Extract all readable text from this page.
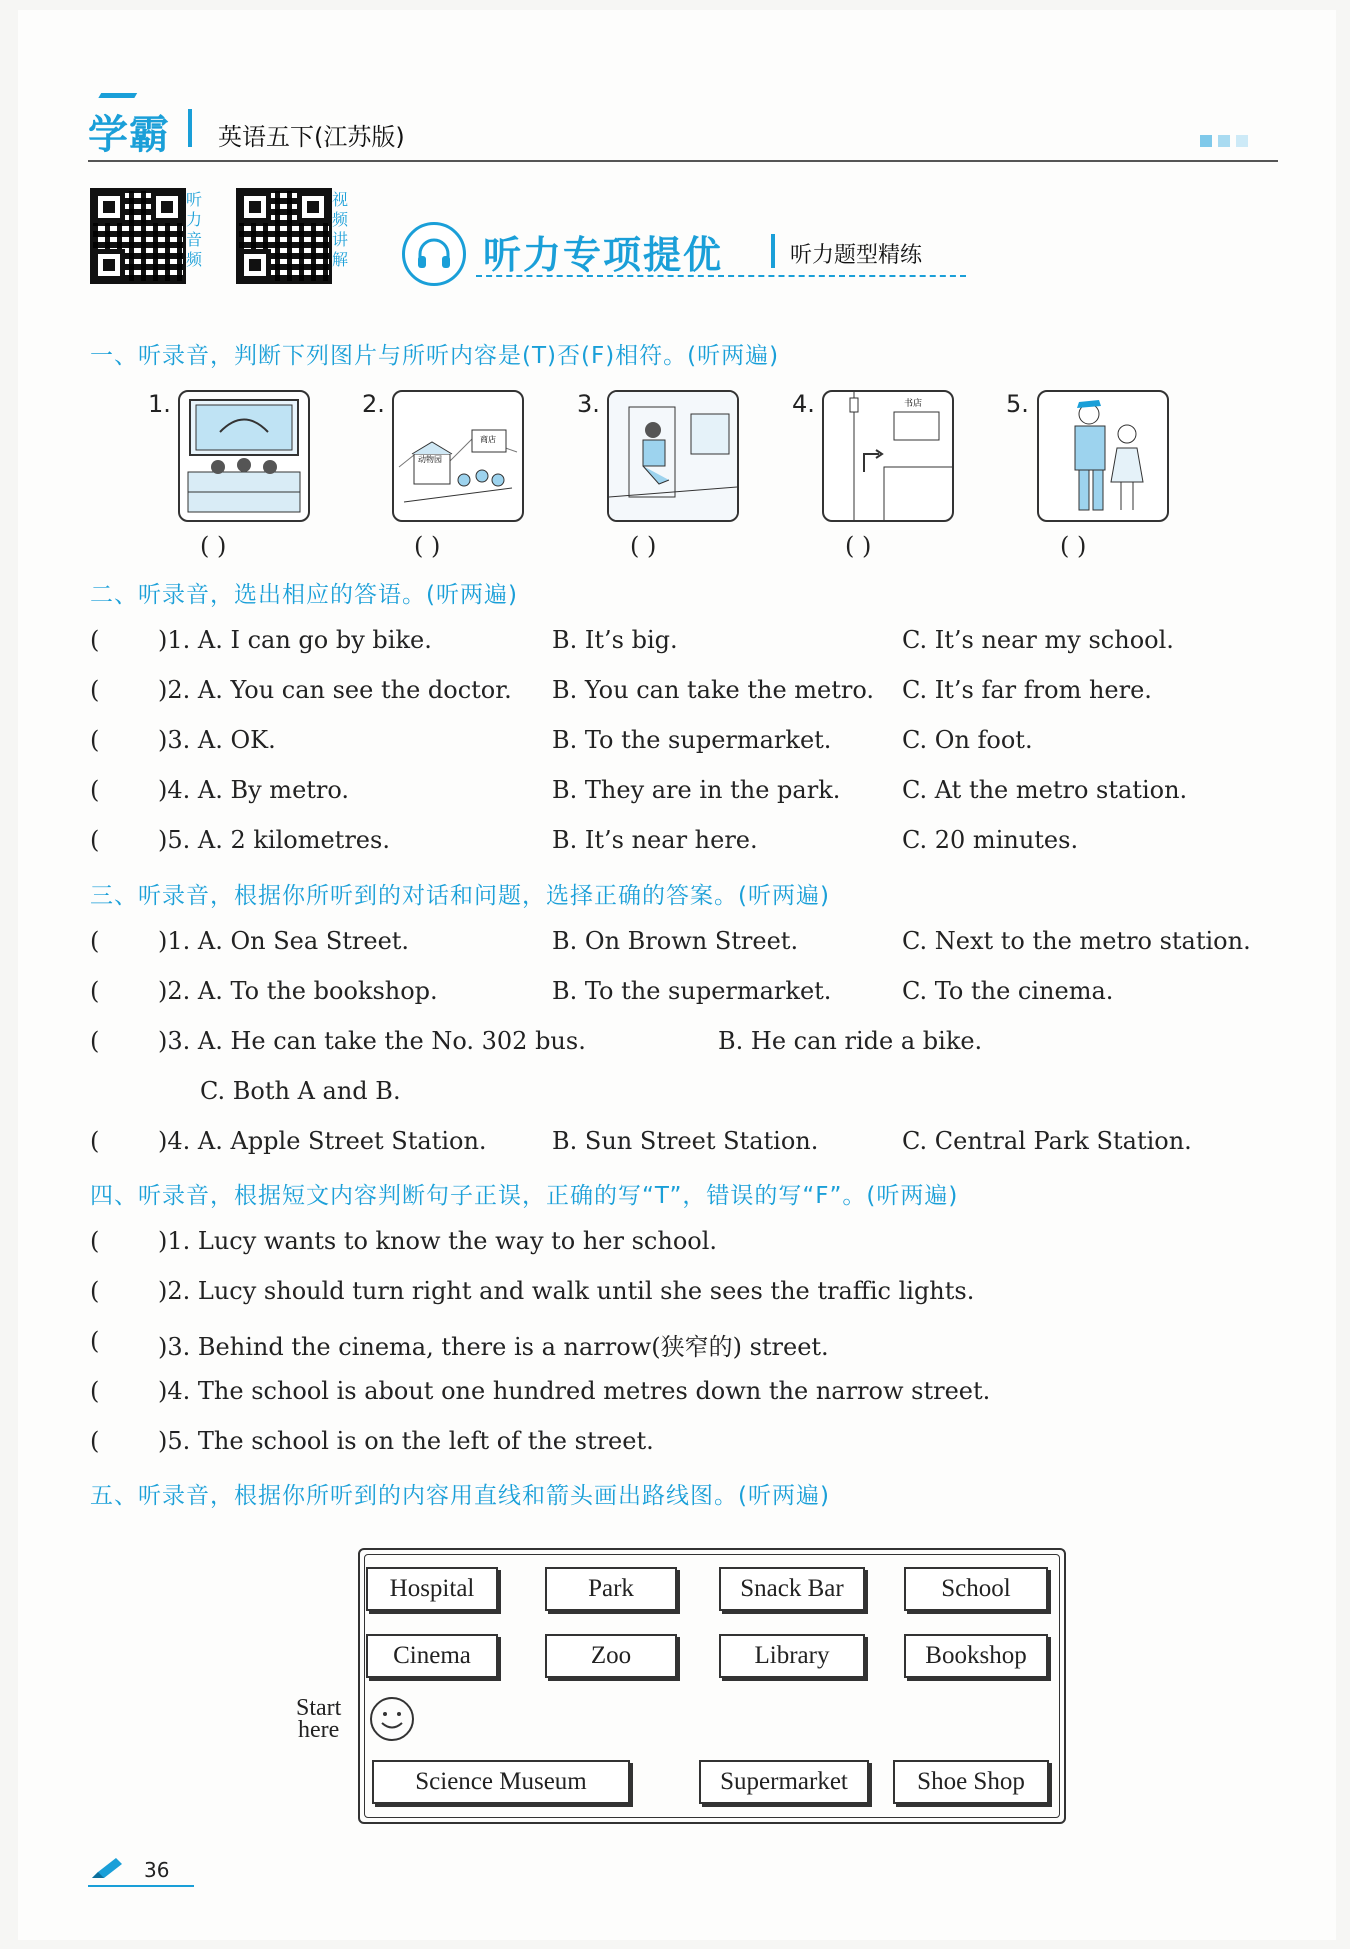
学霸 英语五下(江苏版)
听
力
音
频
视
频
讲
解	听力专项提优	听力题型精练
一、听录音，判断下列图片与所听内容是(T)否(F)相符。(听两遍)
1.	2.
动物园
商店
3.	4.	书店	5.
( )	( )	( )	( )	( )
二、听录音，选出相应的答语。(听两遍)
( )1. A. I can go by bike.	B. It’s big.	C. It’s near my school.
( )2. A. You can see the doctor. B. You can take the metro. C. It’s far from here.
( )3. A. OK.	B. To the supermarket.	C. On foot.
( )4. A. By metro.	B. They are in the park.	C. At the metro station.
( )5. A. 2 kilometres.	B. It’s near here.	C. 20 minutes.
三、听录音，根据你所听到的对话和问题，选择正确的答案。(听两遍)
( )1. A. On Sea Street.	B. On Brown Street.	C. Next to the metro station.
( )2. A. To the bookshop.	B. To the supermarket.	C. To the cinema.
( )3. A. He can take the No. 302 bus.	B. He can ride a bike.
C. Both A and B.
( )4. A. Apple Street Station.	B. Sun Street Station.	C. Central Park Station.
四、听录音，根据短文内容判断句子正误，正确的写“T”，错误的写“F”。(听两遍)
( )1. Lucy wants to know the way to her school.
( )2. Lucy should turn right and walk until she sees the traffic lights.
( )3. Behind the cinema, there is a narrow(狭窄的) street.
( )4. The school is about one hundred metres down the narrow street.
( )5. The school is on the left of the street.
五、听录音，根据你所听到的内容用直线和箭头画出路线图。(听两遍)
Hospital	Park	Snack Bar	School
Cinema	Zoo	Library	Bookshop
Science Museum	Supermarket	Shoe Shop
Start
here
36
